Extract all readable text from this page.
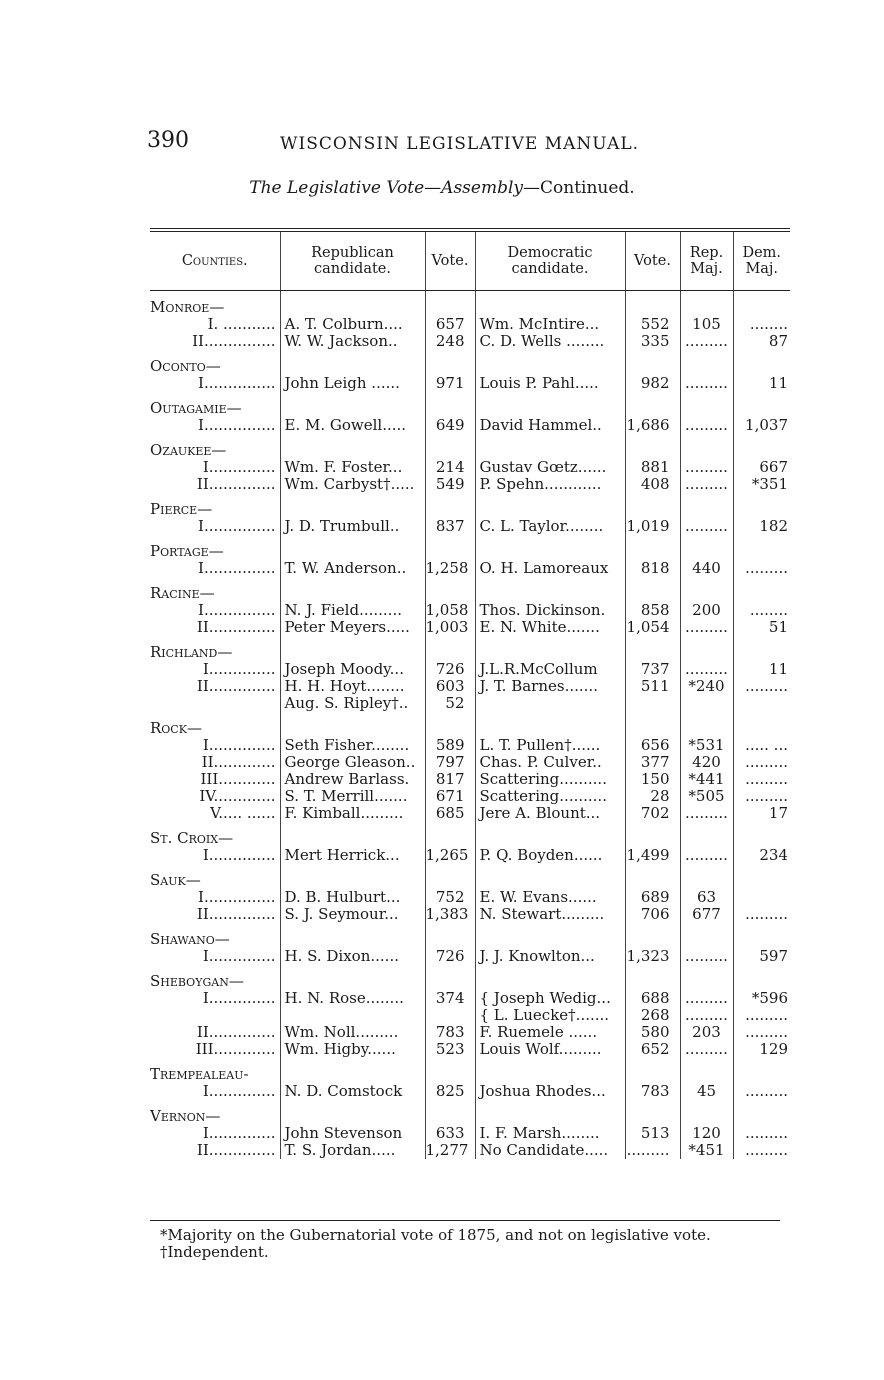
390	WISCONSIN LEGISLATIVE MANUAL.
The Legislative Vote—Assembly—Continued.
Counties.	Republican candidate.	Vote.	Democratic candidate.	Vote.	Rep. Maj.	Dem. Maj.
Monroe—						
I. ...........	A. T. Colburn....	657	Wm. McIntire...	552	105	........
II...............	W. W. Jackson..	248	C. D. Wells ........	335	.........	87
Oconto—						
I...............	John Leigh ......	971	Louis P. Pahl.....	982	.........	11
Outagamie—						
I...............	E. M. Gowell.....	649	David Hammel..	1,686	.........	1,037
Ozaukee—						
I..............	Wm. F. Foster...	214	Gustav Gœtz......	881	.........	667
II..............	Wm. Carbyst†.....	549	P. Spehn............	408	.........	*351
Pierce—						
I...............	J. D. Trumbull..	837	C. L. Taylor........	1,019	.........	182
Portage—						
I...............	T. W. Anderson..	1,258	O. H. Lamoreaux	818	440	.........
Racine—						
I...............	N. J. Field.........	1,058	Thos. Dickinson.	858	200	........
II..............	Peter Meyers.....	1,003	E. N. White.......	1,054	.........	51
Richland—						
I..............	Joseph Moody...	726	J.L.R.McCollum	737	.........	11
II..............	H. H. Hoyt........	603	J. T. Barnes.......	511	*240	.........
	Aug. S. Ripley†..	52				
Rock—						
I..............	Seth Fisher........	589	L. T. Pullen†......	656	*531	..... ...
II.............	George Gleason..	797	Chas. P. Culver..	377	420	.........
III............	Andrew Barlass.	817	Scattering..........	150	*441	.........
IV.............	S. T. Merrill.......	671	Scattering..........	28	*505	.........
V..... ......	F. Kimball.........	685	Jere A. Blount...	702	.........	17
St. Croix—						
I..............	Mert Herrick...	1,265	P. Q. Boyden......	1,499	.........	234
Sauk—						
I...............	D. B. Hulburt...	752	E. W. Evans......	689	63	
II..............	S. J. Seymour...	1,383	N. Stewart.........	706	677	.........
Shawano—						
I..............	H. S. Dixon......	726	J. J. Knowlton...	1,323	.........	597
Sheboygan—						
I..............	H. N. Rose........	374	{ Joseph Wedig...	688	.........	*596
			{ L. Luecke†.......	268	.........	.........
II..............	Wm. Noll.........	783	F. Ruemele ......	580	203	.........
III.............	Wm. Higby......	523	Louis Wolf.........	652	.........	129
Trempealeau-						
I..............	N. D. Comstock	825	Joshua Rhodes...	783	45	.........
Vernon—						
I..............	John Stevenson	633	I. F. Marsh........	513	120	.........
II..............	T. S. Jordan.....	1,277	No Candidate.....	.........	*451	.........
*Majority on the Gubernatorial vote of 1875, and not on legislative vote.
†Independent.
